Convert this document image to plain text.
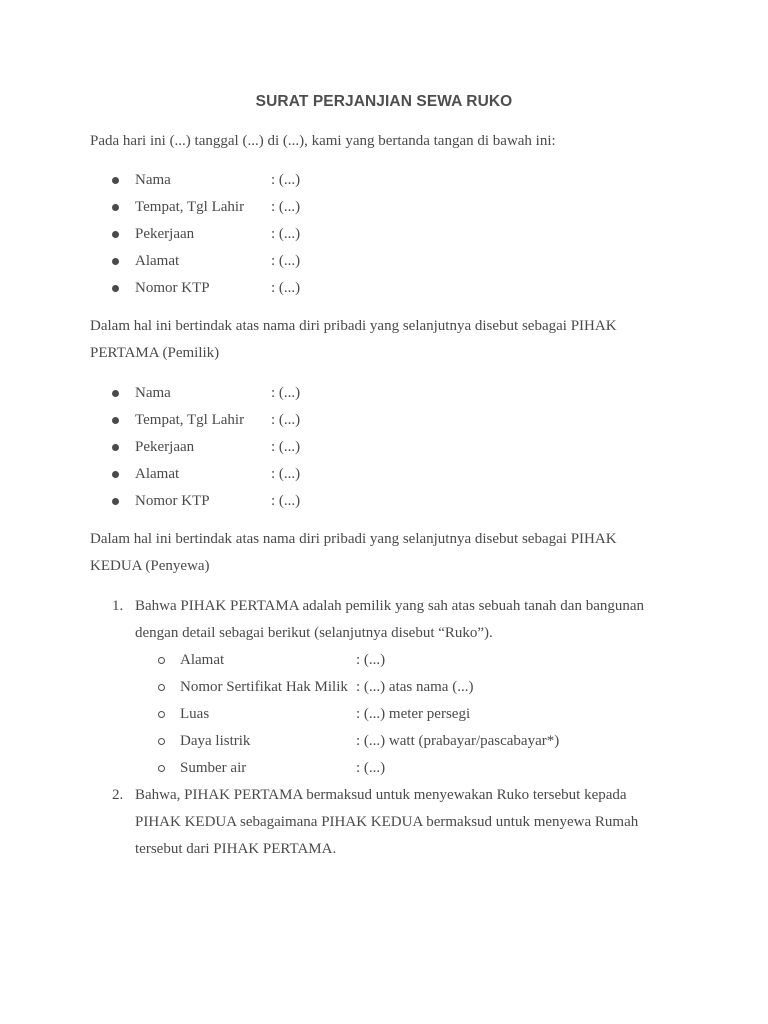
SURAT PERJANJIAN SEWA RUKO

Pada hari ini (...) tanggal (...) di (...), kami yang bertanda tangan di bawah ini:

Nama	: (...)
Tempat, Tgl Lahir : (...)
Pekerjaan	: (...)
Alamat	: (...)
Nomor KTP	: (...)

Dalam hal ini bertindak atas nama diri pribadi yang selanjutnya disebut sebagai PIHAK PERTAMA (Pemilik)

Nama	: (...)
Tempat, Tgl Lahir : (...)
Pekerjaan	: (...)
Alamat	: (...)
Nomor KTP	: (...)

Dalam hal ini bertindak atas nama diri pribadi yang selanjutnya disebut sebagai PIHAK KEDUA (Penyewa)

1. Bahwa PIHAK PERTAMA adalah pemilik yang sah atas sebuah tanah dan bangunan dengan detail sebagai berikut (selanjutnya disebut “Ruko”).

Alamat	: (...)
Nomor Sertifikat Hak Milik : (...) atas nama (...)
Luas	: (...) meter persegi
Daya listrik	: (...) watt (prabayar/pascabayar*)
Sumber air	: (...)
2. Bahwa, PIHAK PERTAMA bermaksud untuk menyewakan Ruko tersebut kepada PIHAK KEDUA sebagaimana PIHAK KEDUA bermaksud untuk menyewa Rumah tersebut dari PIHAK PERTAMA.
